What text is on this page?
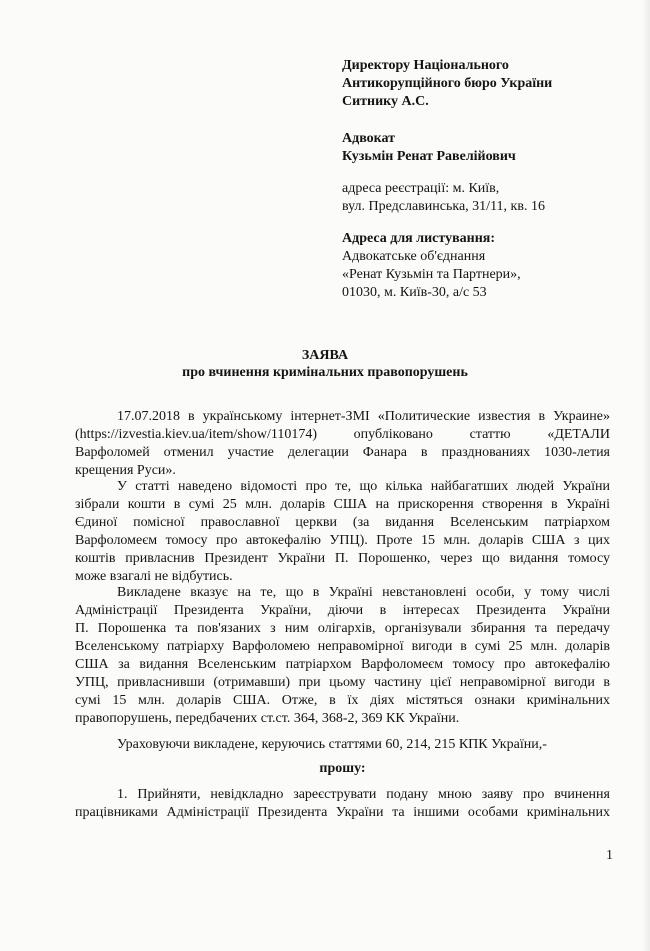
Директору Національного
Антикорупційного бюро України
Ситнику А.С.
Адвокат
Кузьмін Ренат Равелійович
адреса реєстрації: м. Київ,
вул. Предславинська, 31/11, кв. 16
Адреса для листування:
Адвокатське об'єднання
«Ренат Кузьмін та Партнери»,
01030, м. Київ-30, а/с 53
ЗАЯВА
про вчинення кримінальних правопорушень
17.07.2018 в українському інтернет-ЗМІ «Политические известия в Украине»
(https://izvestia.kiev.ua/item/show/110174) опубліковано статтю «ДЕТАЛИ
Варфоломей отменил участие делегации Фанара в празднованиях 1030-летия
крещения Руси».
У статті наведено відомості про те, що кілька найбагатших людей України
зібрали кошти в сумі 25 млн. доларів США на прискорення створення в Україні
Єдиної помісної православної церкви (за видання Вселенським патріархом
Варфоломеєм томосу про автокефалію УПЦ). Проте 15 млн. доларів США з цих
коштів привласнив Президент України П. Порошенко, через що видання томосу
може взагалі не відбутись.
Викладене вказує на те, що в Україні невстановлені особи, у тому числі
Адміністрації Президента України, діючи в інтересах Президента України
П. Порошенка та пов'язаних з ним олігархів, організували збирання та передачу
Вселенському патріарху Варфоломею неправомірної вигоди в сумі 25 млн. доларів
США за видання Вселенським патріархом Варфоломеєм томосу про автокефалію
УПЦ, привласнивши (отримавши) при цьому частину цієї неправомірної вигоди в
сумі 15 млн. доларів США. Отже, в їх діях містяться ознаки кримінальних
правопорушень, передбачених ст.ст. 364, 368-2, 369 КК України.
Ураховуючи викладене, керуючись статтями 60, 214, 215 КПК України,-
прошу:
1. Прийняти, невідкладно зареєструвати подану мною заяву про вчинення
працівниками Адміністрації Президента України та іншими особами кримінальних
1
